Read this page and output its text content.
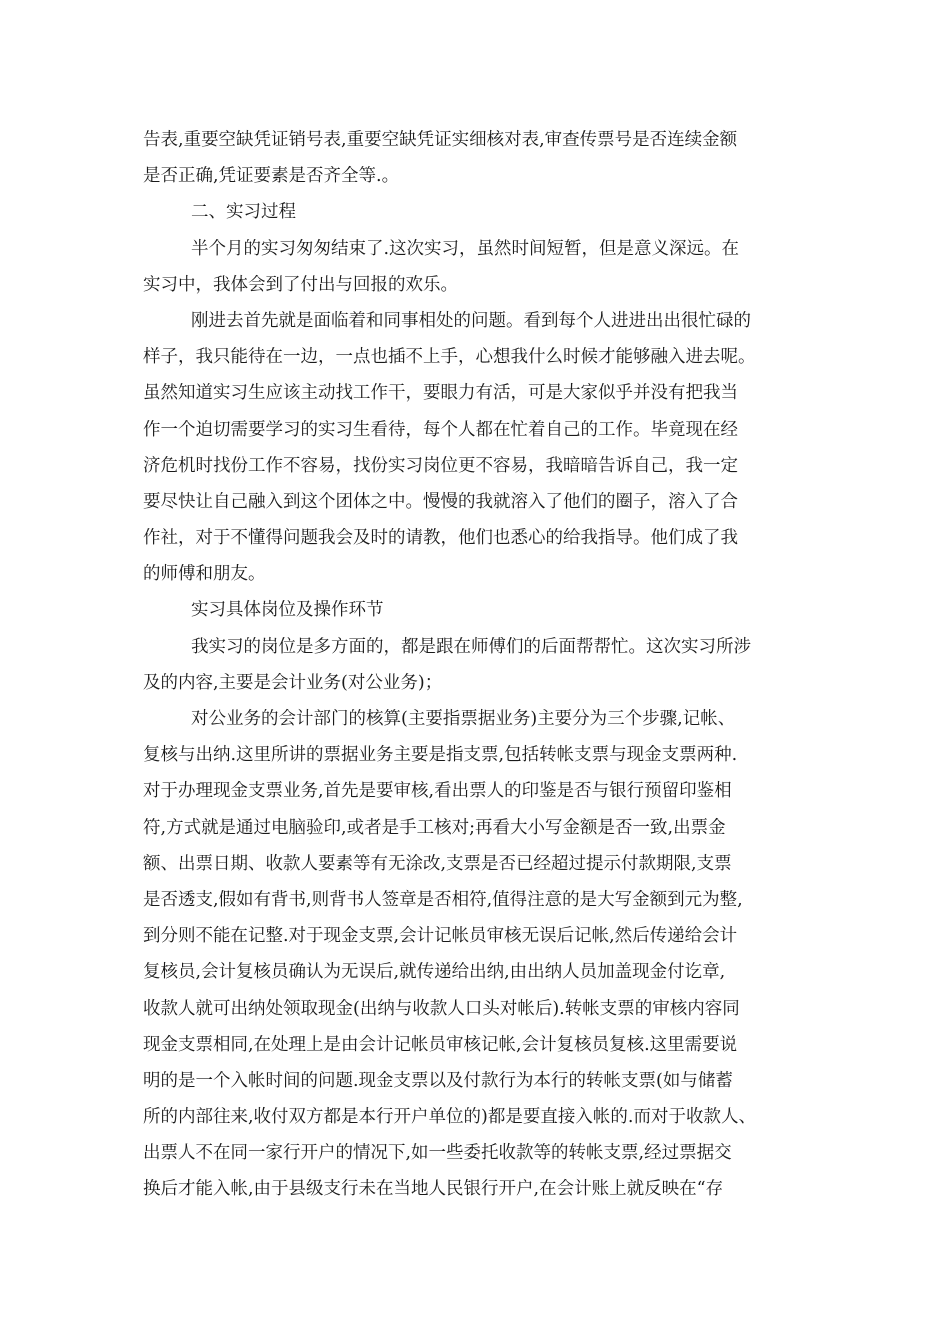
告表,重要空缺凭证销号表,重要空缺凭证实细核对表,审查传票号是否连续金额
是否正确,凭证要素是否齐全等.。
二、实习过程
半个月的实习匆匆结束了.这次实习，虽然时间短暂，但是意义深远。在
实习中，我体会到了付出与回报的欢乐。
刚进去首先就是面临着和同事相处的问题。看到每个人进进出出很忙碌的
样子，我只能待在一边，一点也插不上手，心想我什么时候才能够融入进去呢。
虽然知道实习生应该主动找工作干，要眼力有活，可是大家似乎并没有把我当
作一个迫切需要学习的实习生看待，每个人都在忙着自己的工作。毕竟现在经
济危机时找份工作不容易，找份实习岗位更不容易，我暗暗告诉自己，我一定
要尽快让自己融入到这个团体之中。慢慢的我就溶入了他们的圈子，溶入了合
作社，对于不懂得问题我会及时的请教，他们也悉心的给我指导。他们成了我
的师傅和朋友。
实习具体岗位及操作环节
我实习的岗位是多方面的，都是跟在师傅们的后面帮帮忙。这次实习所涉
及的内容,主要是会计业务(对公业务)；
对公业务的会计部门的核算(主要指票据业务)主要分为三个步骤,记帐、
复核与出纳.这里所讲的票据业务主要是指支票,包括转帐支票与现金支票两种.
对于办理现金支票业务,首先是要审核,看出票人的印鉴是否与银行预留印鉴相
符,方式就是通过电脑验印,或者是手工核对;再看大小写金额是否一致,出票金
额、出票日期、收款人要素等有无涂改,支票是否已经超过提示付款期限,支票
是否透支,假如有背书,则背书人签章是否相符,值得注意的是大写金额到元为整,
到分则不能在记整.对于现金支票,会计记帐员审核无误后记帐,然后传递给会计
复核员,会计复核员确认为无误后,就传递给出纳,由出纳人员加盖现金付讫章,
收款人就可出纳处领取现金(出纳与收款人口头对帐后).转帐支票的审核内容同
现金支票相同,在处理上是由会计记帐员审核记帐,会计复核员复核.这里需要说
明的是一个入帐时间的问题.现金支票以及付款行为本行的转帐支票(如与储蓄
所的内部往来,收付双方都是本行开户单位的)都是要直接入帐的.而对于收款人、
出票人不在同一家行开户的情况下,如一些委托收款等的转帐支票,经过票据交
换后才能入帐,由于县级支行未在当地人民银行开户,在会计账上就反映在“存
